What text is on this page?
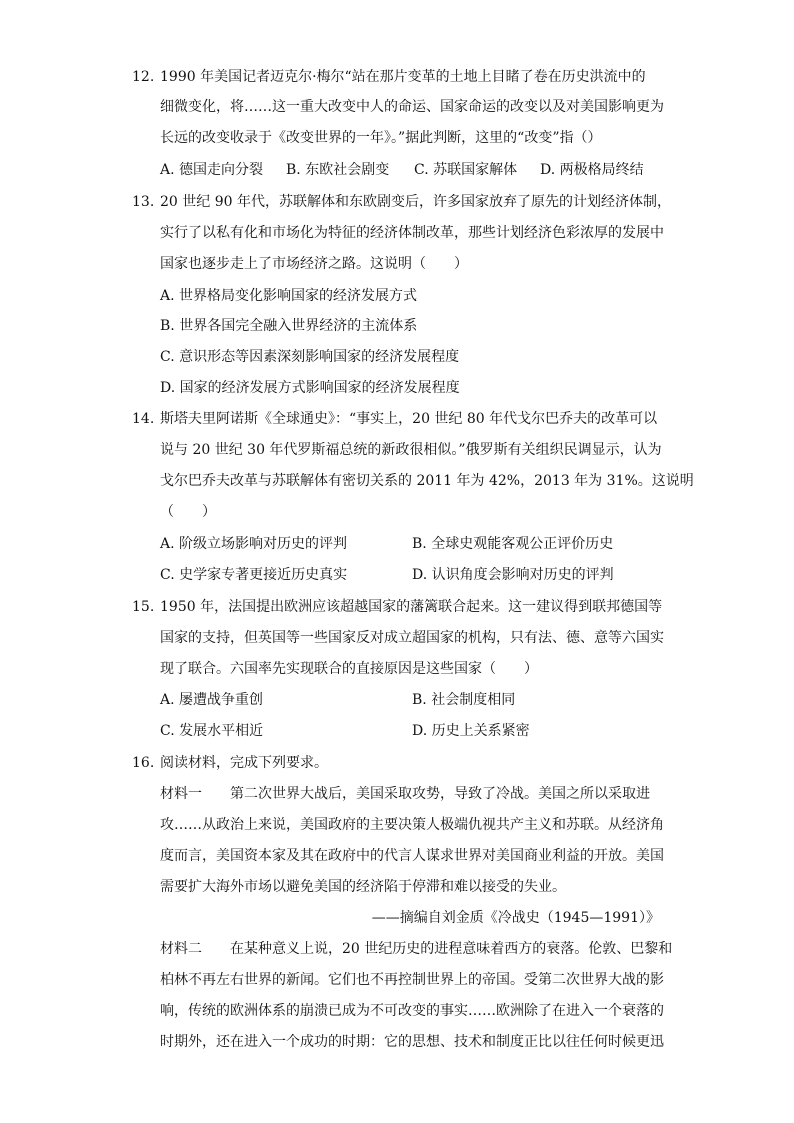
12. 1990 年美国记者迈克尔·梅尔“站在那片变革的土地上目睹了卷在历史洪流中的
细微变化，将……这一重大改变中人的命运、国家命运的改变以及对美国影响更为
长远的改变收录于《改变世界的一年》。”据此判断，这里的“改变”指（）
A. 德国走向分裂 B. 东欧社会剧变 C. 苏联国家解体 D. 两极格局终结
13. 20 世纪 90 年代，苏联解体和东欧剧变后，许多国家放弃了原先的计划经济体制，
实行了以私有化和市场化为特征的经济体制改革，那些计划经济色彩浓厚的发展中
国家也逐步走上了市场经济之路。这说明（　　）
A. 世界格局变化影响国家的经济发展方式
B. 世界各国完全融入世界经济的主流体系
C. 意识形态等因素深刻影响国家的经济发展程度
D. 国家的经济发展方式影响国家的经济发展程度
14. 斯塔夫里阿诺斯《全球通史》：“事实上，20 世纪 80 年代戈尔巴乔夫的改革可以
说与 20 世纪 30 年代罗斯福总统的新政很相似。”俄罗斯有关组织民调显示，认为
戈尔巴乔夫改革与苏联解体有密切关系的 2011 年为 42%，2013 年为 31%。这说明
（　　）
A. 阶级立场影响对历史的评判	B. 全球史观能客观公正评价历史
C. 史学家专著更接近历史真实	D. 认识角度会影响对历史的评判
15. 1950 年，法国提出欧洲应该超越国家的藩篱联合起来。这一建议得到联邦德国等
国家的支持，但英国等一些国家反对成立超国家的机构，只有法、德、意等六国实
现了联合。六国率先实现联合的直接原因是这些国家（　　）
A. 屡遭战争重创	B. 社会制度相同
C. 发展水平相近	D. 历史上关系紧密
16. 阅读材料，完成下列要求。
材料一　　第二次世界大战后，美国采取攻势，导致了冷战。美国之所以采取进
攻……从政治上来说，美国政府的主要决策人极端仇视共产主义和苏联。从经济角
度而言，美国资本家及其在政府中的代言人谋求世界对美国商业利益的开放。美国
需要扩大海外市场以避免美国的经济陷于停滞和难以接受的失业。
——摘编自刘金质《冷战史（1945—1991）》
材料二　　在某种意义上说，20 世纪历史的进程意味着西方的衰落。伦敦、巴黎和
柏林不再左右世界的新闻。它们也不再控制世界上的帝国。受第二次世界大战的影
响，传统的欧洲体系的崩溃已成为不可改变的事实……欧洲除了在进入一个衰落的
时期外，还在进入一个成功的时期：它的思想、技术和制度正比以往任何时候更迅
